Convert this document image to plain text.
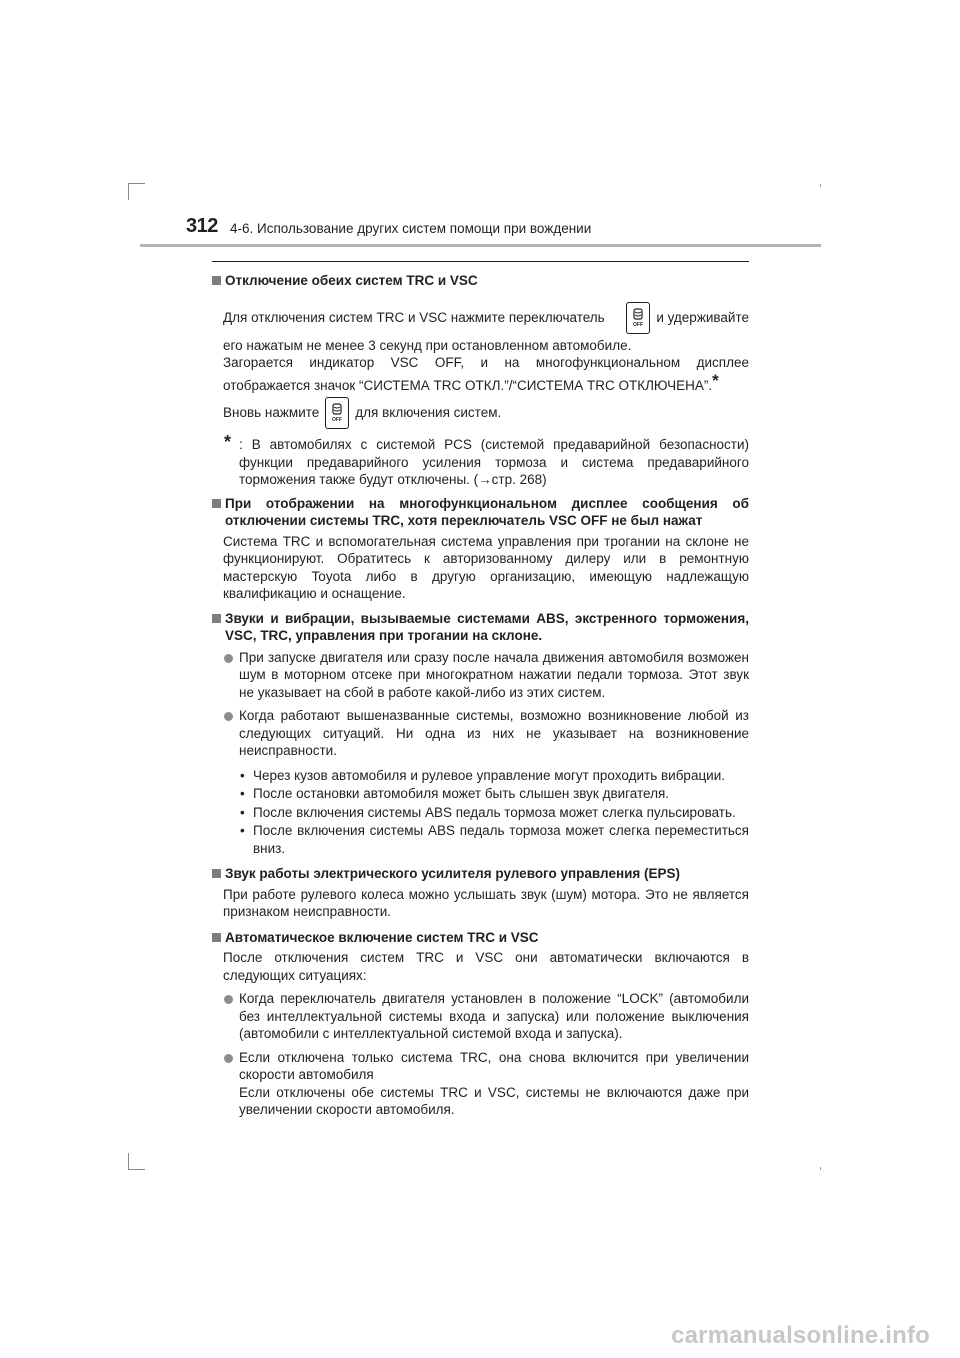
312 4-6. Использование других систем помощи при вождении
Отключение обеих систем TRC и VSC
Для отключения систем TRC и VSC нажмите переключатель	OFF и удерживайте
его нажатым не менее 3 секунд при остановленном автомобиле.
Загорается индикатор VSC OFF, и на многофункциональном дисплее
отображается значок “СИСТЕМА TRC ОТКЛ.”/“СИСТЕМА TRC ОТКЛЮЧЕНА”.*
Вновь нажмите	OFF для включения систем.
* : В автомобилях с системой PCS (системой предаварийной безопасности) функции предаварийного усиления тормоза и система предаварийного торможения также будут отключены. (→стр. 268)
При отображении на многофункциональном дисплее сообщения об отключении системы TRC, хотя переключатель VSC OFF не был нажат
Система TRC и вспомогательная система управления при трогании на склоне не функционируют. Обратитесь к авторизованному дилеру или в ремонтную мастерскую Toyota либо в другую организацию, имеющую надлежащую квалификацию и оснащение.
Звуки и вибрации, вызываемые системами ABS, экстренного торможения, VSC, TRC, управления при трогании на склоне.
При запуске двигателя или сразу после начала движения автомобиля возможен шум в моторном отсеке при многократном нажатии педали тормоза. Этот звук не указывает на сбой в работе какой-либо из этих систем.
Когда работают вышеназванные системы, возможно возникновение любой из следующих ситуаций. Ни одна из них не указывает на возникновение неисправности.
• Через кузов автомобиля и рулевое управление могут проходить вибрации.
• После остановки автомобиля может быть слышен звук двигателя.
• После включения системы ABS педаль тормоза может слегка пульсировать.
• После включения системы ABS педаль тормоза может слегка переместиться вниз.
Звук работы электрического усилителя рулевого управления (EPS)
При работе рулевого колеса можно услышать звук (шум) мотора. Это не является признаком неисправности.
Автоматическое включение систем TRC и VSC
После отключения систем TRC и VSC они автоматически включаются в следующих ситуациях:
Когда переключатель двигателя установлен в положение “LOCK” (автомобили без интеллектуальной системы входа и запуска) или положение выключения (автомобили с интеллектуальной системой входа и запуска).
Если отключена только система TRC, она снова включится при увеличении скорости автомобиля
Если отключены обе системы TRC и VSC, системы не включаются даже при увеличении скорости автомобиля.
carmanualsonline.info
